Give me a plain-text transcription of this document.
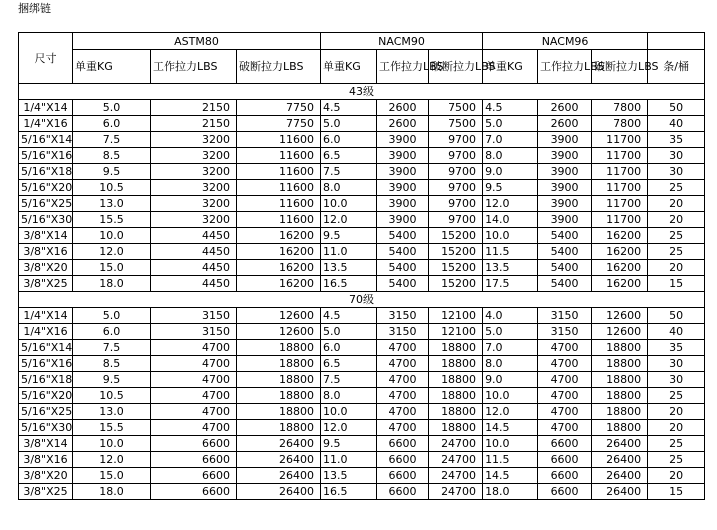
捆绑链
尺寸	ASTM80			NACM90			NACM96			
	单重KG	工作拉力LBS	破断拉力LBS	单重KG	工作拉力LBS	破断拉力LBS	单重KG	工作拉力LBS	破断拉力LBS	条/桶
43级										
1/4"X14	5.0	2150	7750	4.5	2600	7500	4.5	2600	7800	50
1/4"X16	6.0	2150	7750	5.0	2600	7500	5.0	2600	7800	40
5/16"X14	7.5	3200	11600	6.0	3900	9700	7.0	3900	11700	35
5/16"X16	8.5	3200	11600	6.5	3900	9700	8.0	3900	11700	30
5/16"X18	9.5	3200	11600	7.5	3900	9700	9.0	3900	11700	30
5/16"X20	10.5	3200	11600	8.0	3900	9700	9.5	3900	11700	25
5/16"X25	13.0	3200	11600	10.0	3900	9700	12.0	3900	11700	20
5/16"X30	15.5	3200	11600	12.0	3900	9700	14.0	3900	11700	20
3/8"X14	10.0	4450	16200	9.5	5400	15200	10.0	5400	16200	25
3/8"X16	12.0	4450	16200	11.0	5400	15200	11.5	5400	16200	25
3/8"X20	15.0	4450	16200	13.5	5400	15200	13.5	5400	16200	20
3/8"X25	18.0	4450	16200	16.5	5400	15200	17.5	5400	16200	15
70级										
1/4"X14	5.0	3150	12600	4.5	3150	12100	4.0	3150	12600	50
1/4"X16	6.0	3150	12600	5.0	3150	12100	5.0	3150	12600	40
5/16"X14	7.5	4700	18800	6.0	4700	18800	7.0	4700	18800	35
5/16"X16	8.5	4700	18800	6.5	4700	18800	8.0	4700	18800	30
5/16"X18	9.5	4700	18800	7.5	4700	18800	9.0	4700	18800	30
5/16"X20	10.5	4700	18800	8.0	4700	18800	10.0	4700	18800	25
5/16"X25	13.0	4700	18800	10.0	4700	18800	12.0	4700	18800	20
5/16"X30	15.5	4700	18800	12.0	4700	18800	14.5	4700	18800	20
3/8"X14	10.0	6600	26400	9.5	6600	24700	10.0	6600	26400	25
3/8"X16	12.0	6600	26400	11.0	6600	24700	11.5	6600	26400	25
3/8"X20	15.0	6600	26400	13.5	6600	24700	14.5	6600	26400	20
3/8"X25	18.0	6600	26400	16.5	6600	24700	18.0	6600	26400	15
